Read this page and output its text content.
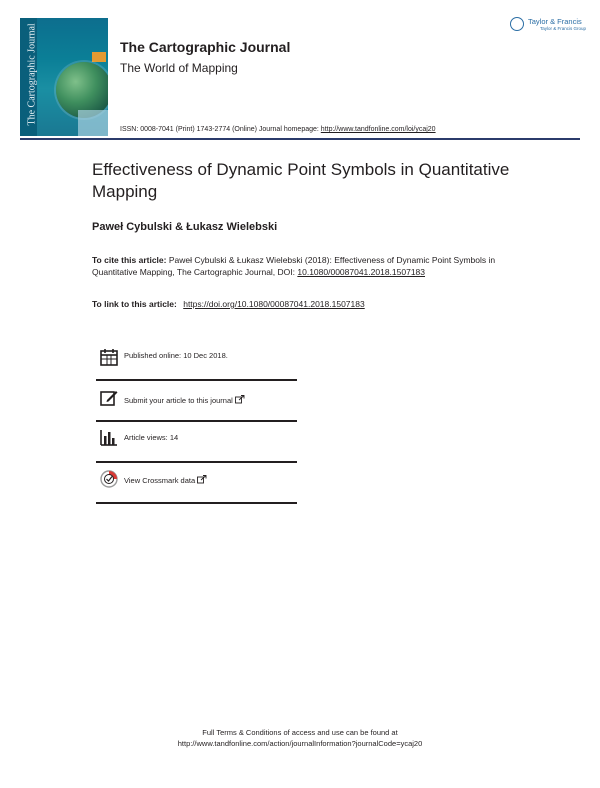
The Cartographic Journal	The Cartographic Journal
The World of Mapping
Taylor & Francis
Taylor & Francis Group
ISSN: 0008-7041 (Print) 1743-2774 (Online) Journal homepage: http://www.tandfonline.com/loi/ycaj20
Effectiveness of Dynamic Point Symbols in Quantitative Mapping
Paweł Cybulski & Łukasz Wielebski
To cite this article: Paweł Cybulski & Łukasz Wielebski (2018): Effectiveness of Dynamic Point Symbols in Quantitative Mapping, The Cartographic Journal, DOI: 10.1080/00087041.2018.1507183
To link to this article: https://doi.org/10.1080/00087041.2018.1507183
Published online: 10 Dec 2018.
Submit your article to this journal
Article views: 14
View Crossmark data
Full Terms & Conditions of access and use can be found at
http://www.tandfonline.com/action/journalInformation?journalCode=ycaj20
